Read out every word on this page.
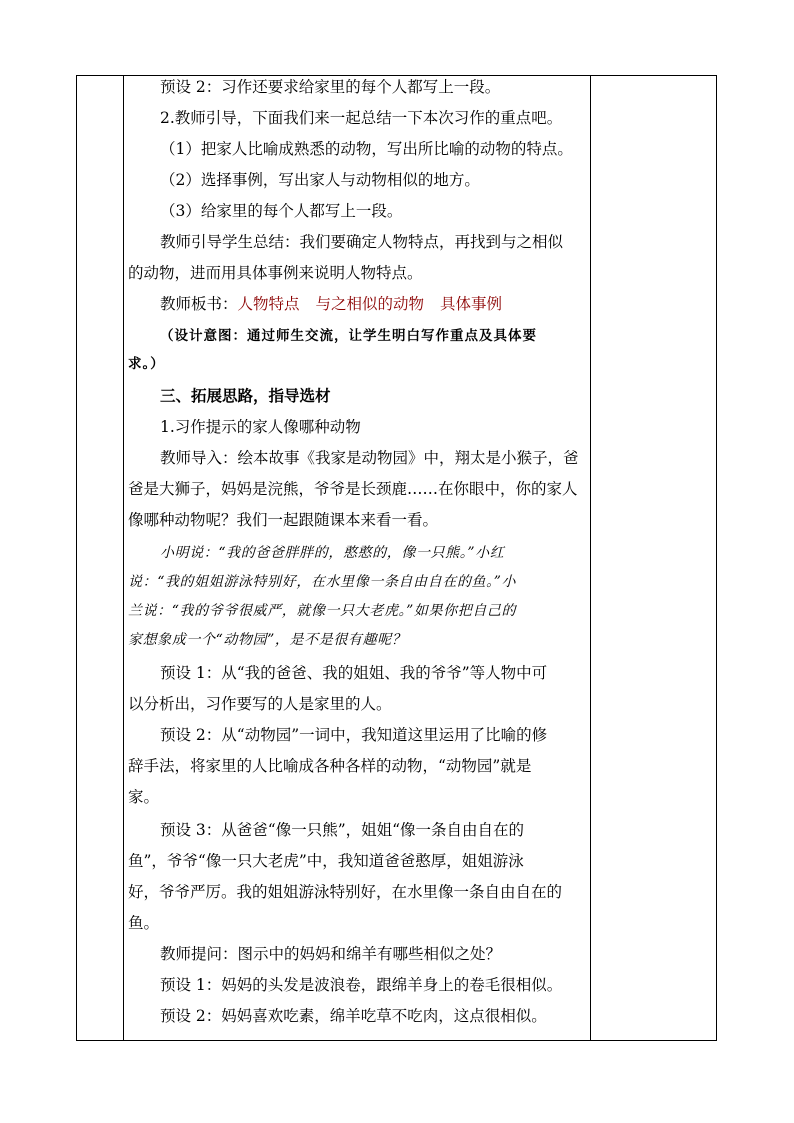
教师板书：人物特点 与之相似的动物 具体事例
预设 2：习作还要求给家里的每个人都写上一段。
2.教师引导，下面我们来一起总结一下本次习作的重点吧。
（1）把家人比喻成熟悉的动物，写出所比喻的动物的特点。
（2）选择事例，写出家人与动物相似的地方。
（3）给家里的每个人都写上一段。
教师引导学生总结：我们要确定人物特点，再找到与之相似
的动物，进而用具体事例来说明人物特点。
（设计意图：通过师生交流，让学生明白写作重点及具体要
求。）
三、拓展思路，指导选材
1.习作提示的家人像哪种动物
教师导入：绘本故事《我家是动物园》中，翔太是小猴子，爸
爸是大狮子，妈妈是浣熊，爷爷是长颈鹿……在你眼中，你的家人
像哪种动物呢？我们一起跟随课本来看一看。
小明说：“我的爸爸胖胖的，憨憨的，像一只熊。”小红
说：“我的姐姐游泳特别好，在水里像一条自由自在的鱼。”小
兰说：“我的爷爷很威严，就像一只大老虎。”如果你把自己的
家想象成一个“动物园”，是不是很有趣呢？
预设 1：从“我的爸爸、我的姐姐、我的爷爷”等人物中可
以分析出，习作要写的人是家里的人。
预设 2：从“动物园”一词中，我知道这里运用了比喻的修
辞手法，将家里的人比喻成各种各样的动物，“动物园”就是
家。
预设 3：从爸爸“像一只熊”，姐姐“像一条自由自在的
鱼”，爷爷“像一只大老虎”中，我知道爸爸憨厚，姐姐游泳
好，爷爷严厉。我的姐姐游泳特别好，在水里像一条自由自在的
鱼。
教师提问：图示中的妈妈和绵羊有哪些相似之处？
预设 1：妈妈的头发是波浪卷，跟绵羊身上的卷毛很相似。
预设 2：妈妈喜欢吃素，绵羊吃草不吃肉，这点很相似。
